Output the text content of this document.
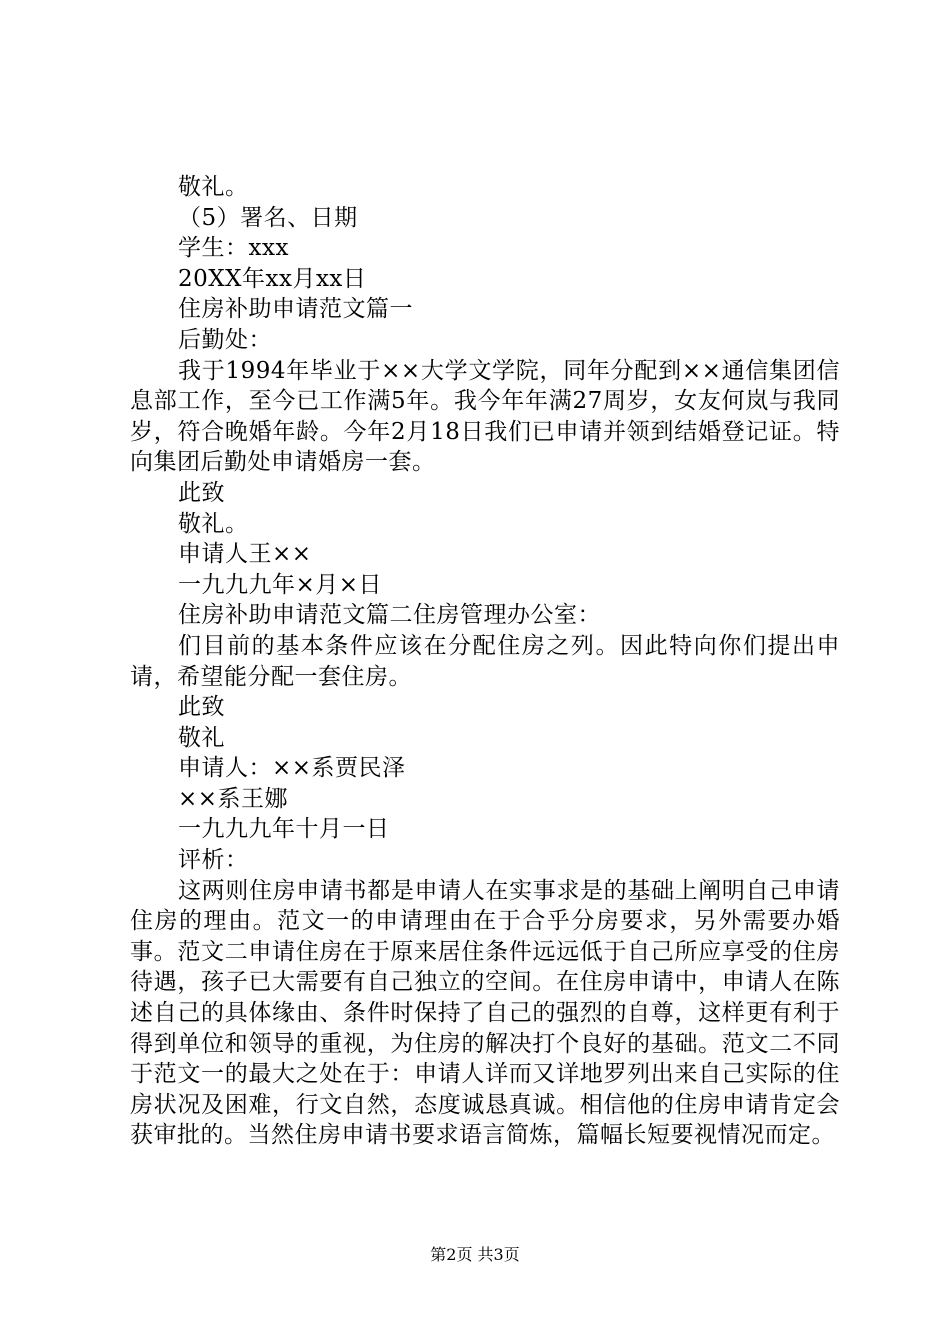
敬礼。
（5）署名、日期
学生：xxx
20XX年xx月xx日
住房补助申请范文篇一
后勤处：

我于1994年毕业于××大学文学院，同年分配到××通信集团信息部工作，至今已工作满5年。我今年年满27周岁，女友何岚与我同岁，符合晚婚年龄。今年2月18日我们已申请并领到结婚登记证。特向集团后勤处申请婚房一套。

此致
敬礼。
申请人王××
一九九九年×月×日
住房补助申请范文篇二住房管理办公室：

们目前的基本条件应该在分配住房之列。因此特向你们提出申请，希望能分配一套住房。

此致
敬礼
申请人：××系贾民泽
××系王娜
一九九九年十月一日
评析：

这两则住房申请书都是申请人在实事求是的基础上阐明自己申请住房的理由。范文一的申请理由在于合乎分房要求，另外需要办婚事。范文二申请住房在于原来居住条件远远低于自己所应享受的住房待遇，孩子已大需要有自己独立的空间。在住房申请中，申请人在陈述自己的具体缘由、条件时保持了自己的强烈的自尊，这样更有利于得到单位和领导的重视，为住房的解决打个良好的基础。范文二不同于范文一的最大之处在于：申请人详而又详地罗列出来自己实际的住房状况及困难，行文自然，态度诚恳真诚。相信他的住房申请肯定会获审批的。当然住房申请书要求语言简炼，篇幅长短要视情况而定。

第2页 共3页
